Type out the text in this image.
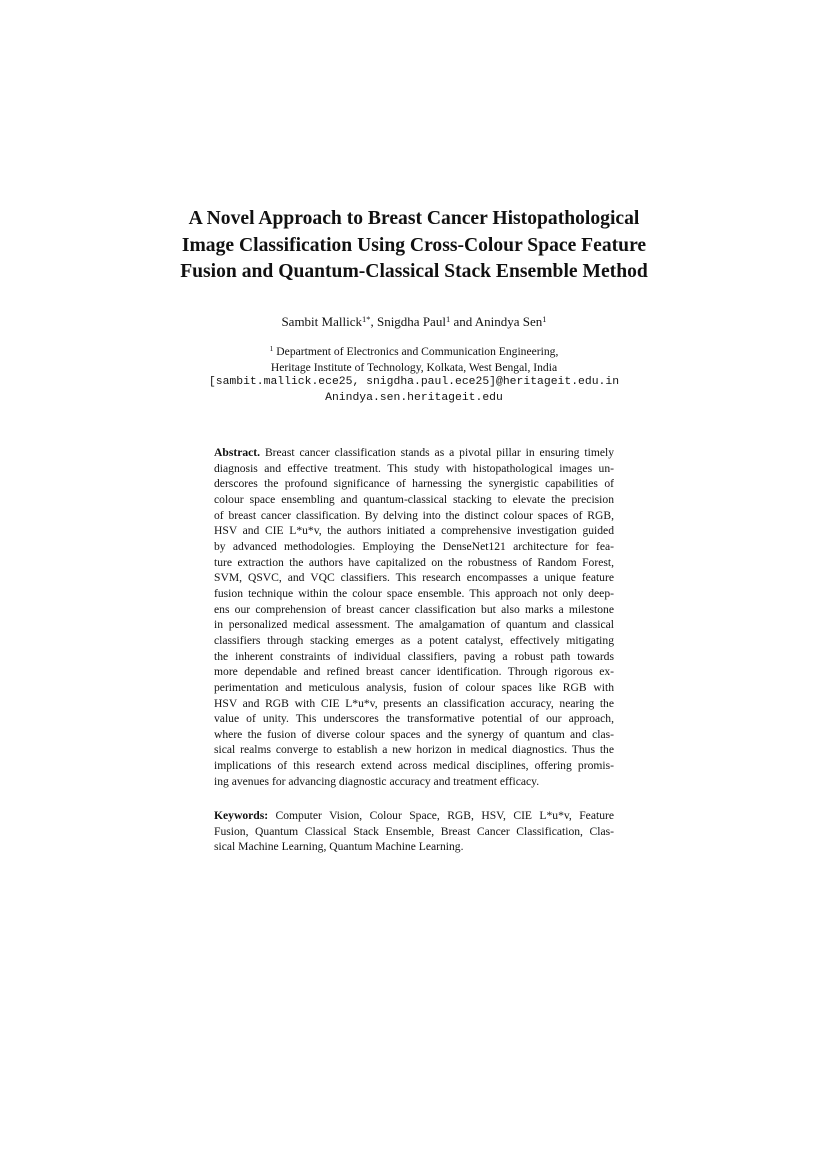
A Novel Approach to Breast Cancer Histopathological
Image Classification Using Cross-Colour Space Feature
Fusion and Quantum-Classical Stack Ensemble Method
Sambit Mallick$^{1*}$, Snigdha Paul$^1$ and Anindya Sen$^1$
$^1$ Department of Electronics and Communication Engineering,
Heritage Institute of Technology, Kolkata, West Bengal, India
[sambit.mallick.ece25, snigdha.paul.ece25]@heritageit.edu.in
Anindya.sen.heritageit.edu
Abstract. Breast cancer classification stands as a pivotal pillar in ensuring timely
diagnosis and effective treatment. This study with histopathological images un-
derscores the profound significance of harnessing the synergistic capabilities of
colour space ensembling and quantum-classical stacking to elevate the precision
of breast cancer classification. By delving into the distinct colour spaces of RGB,
HSV and CIE L*u*v, the authors initiated a comprehensive investigation guided
by advanced methodologies. Employing the DenseNet121 architecture for fea-
ture extraction the authors have capitalized on the robustness of Random Forest,
SVM, QSVC, and VQC classifiers. This research encompasses a unique feature
fusion technique within the colour space ensemble. This approach not only deep-
ens our comprehension of breast cancer classification but also marks a milestone
in personalized medical assessment. The amalgamation of quantum and classical
classifiers through stacking emerges as a potent catalyst, effectively mitigating
the inherent constraints of individual classifiers, paving a robust path towards
more dependable and refined breast cancer identification. Through rigorous ex-
perimentation and meticulous analysis, fusion of colour spaces like RGB with
HSV and RGB with CIE L*u*v, presents an classification accuracy, nearing the
value of unity. This underscores the transformative potential of our approach,
where the fusion of diverse colour spaces and the synergy of quantum and clas-
sical realms converge to establish a new horizon in medical diagnostics. Thus the
implications of this research extend across medical disciplines, offering promis-
ing avenues for advancing diagnostic accuracy and treatment efficacy.
Keywords: Computer Vision, Colour Space, RGB, HSV, CIE L*u*v, Feature
Fusion, Quantum Classical Stack Ensemble, Breast Cancer Classification, Clas-
sical Machine Learning, Quantum Machine Learning.
